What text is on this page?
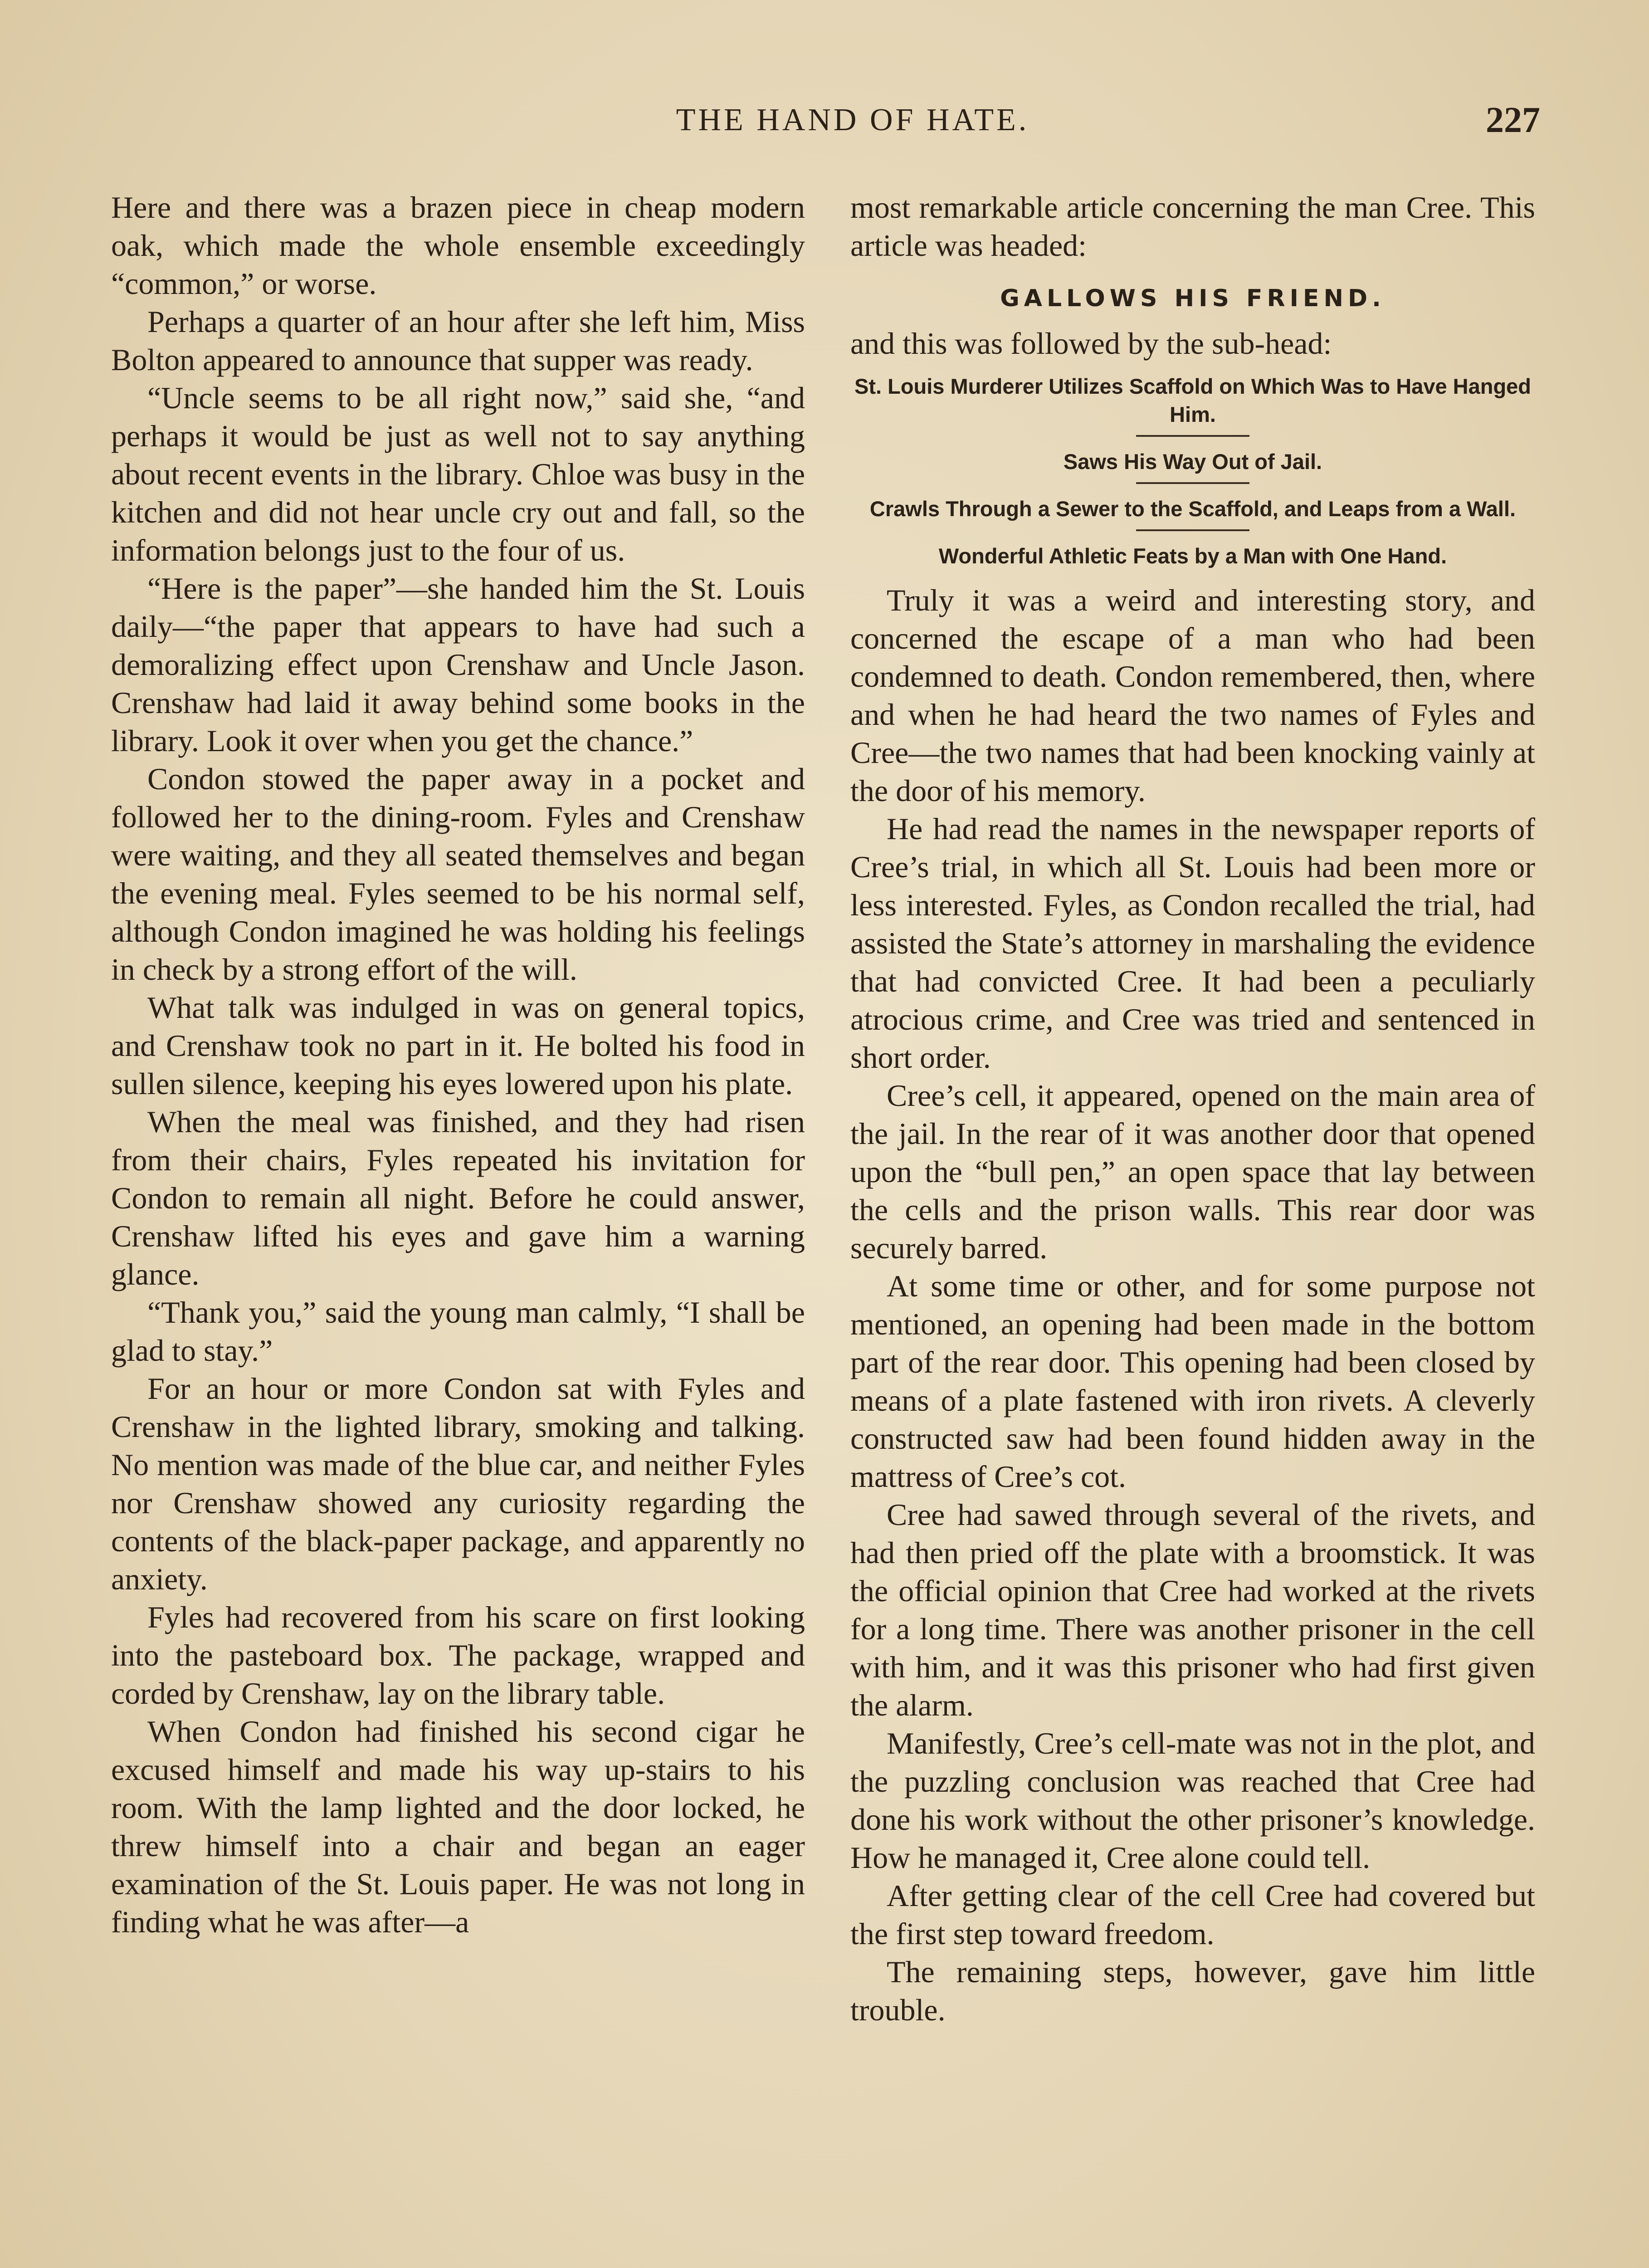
THE HAND OF HATE.	227

Here and there was a brazen piece in cheap modern oak, which made the whole ensemble exceedingly “common,” or worse.

Perhaps a quarter of an hour after she left him, Miss Bolton appeared to announce that supper was ready.

“Uncle seems to be all right now,” said she, “and perhaps it would be just as well not to say anything about recent events in the library. Chloe was busy in the kitchen and did not hear uncle cry out and fall, so the information belongs just to the four of us.

“Here is the paper”—she handed him the St. Louis daily—“the paper that appears to have had such a demoralizing effect upon Crenshaw and Uncle Jason. Crenshaw had laid it away behind some books in the library. Look it over when you get the chance.”

Condon stowed the paper away in a pocket and followed her to the dining-room. Fyles and Crenshaw were waiting, and they all seated themselves and began the evening meal. Fyles seemed to be his normal self, although Condon imagined he was holding his feelings in check by a strong effort of the will.

What talk was indulged in was on general topics, and Crenshaw took no part in it. He bolted his food in sullen silence, keeping his eyes lowered upon his plate.

When the meal was finished, and they had risen from their chairs, Fyles repeated his invitation for Condon to remain all night. Before he could answer, Crenshaw lifted his eyes and gave him a warning glance.

“Thank you,” said the young man calmly, “I shall be glad to stay.”

For an hour or more Condon sat with Fyles and Crenshaw in the lighted library, smoking and talking. No mention was made of the blue car, and neither Fyles nor Crenshaw showed any curiosity regarding the contents of the black-paper package, and apparently no anxiety.

Fyles had recovered from his scare on first looking into the pasteboard box. The package, wrapped and corded by Crenshaw, lay on the library table.

When Condon had finished his second cigar he excused himself and made his way up-stairs to his room. With the lamp lighted and the door locked, he threw himself into a chair and began an eager examination of the St. Louis paper. He was not long in finding what he was after—a

most remarkable article concerning the man Cree. This article was headed:

GALLOWS HIS FRIEND.

and this was followed by the sub-head:

St. Louis Murderer Utilizes Scaffold on Which Was to Have Hanged Him.
Saws His Way Out of Jail.
Crawls Through a Sewer to the Scaffold, and Leaps from a Wall.
Wonderful Athletic Feats by a Man with One Hand.

Truly it was a weird and interesting story, and concerned the escape of a man who had been condemned to death. Condon remembered, then, where and when he had heard the two names of Fyles and Cree—the two names that had been knocking vainly at the door of his memory.

He had read the names in the newspaper reports of Cree’s trial, in which all St. Louis had been more or less interested. Fyles, as Condon recalled the trial, had assisted the State’s attorney in marshaling the evidence that had convicted Cree. It had been a peculiarly atrocious crime, and Cree was tried and sentenced in short order.

Cree’s cell, it appeared, opened on the main area of the jail. In the rear of it was another door that opened upon the “bull pen,” an open space that lay between the cells and the prison walls. This rear door was securely barred.

At some time or other, and for some purpose not mentioned, an opening had been made in the bottom part of the rear door. This opening had been closed by means of a plate fastened with iron rivets. A cleverly constructed saw had been found hidden away in the mattress of Cree’s cot.

Cree had sawed through several of the rivets, and had then pried off the plate with a broomstick. It was the official opinion that Cree had worked at the rivets for a long time. There was another prisoner in the cell with him, and it was this prisoner who had first given the alarm.

Manifestly, Cree’s cell-mate was not in the plot, and the puzzling conclusion was reached that Cree had done his work without the other prisoner’s knowledge. How he managed it, Cree alone could tell.

After getting clear of the cell Cree had covered but the first step toward freedom.

The remaining steps, however, gave him little trouble.
